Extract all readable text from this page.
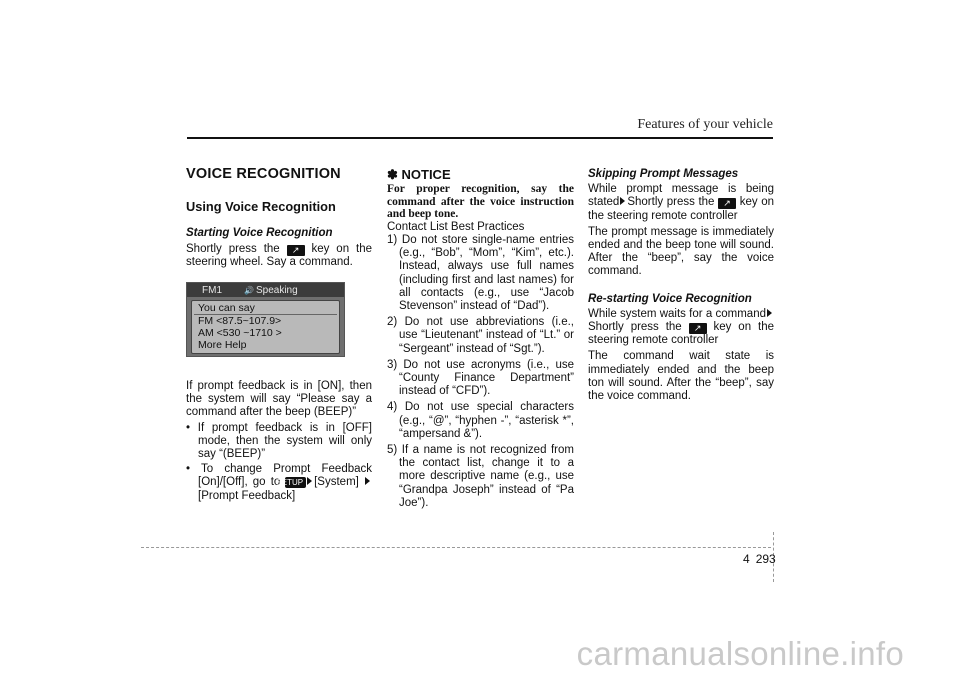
Features of your vehicle
VOICE RECOGNITION
Using Voice Recognition
Starting Voice Recognition

Shortly press the ↗ key on the steering wheel. Say a command.

FM1
🔊	Speaking
You can say
FM <87.5~107.9>
AM <530 ~1710 >
More Help

If prompt feedback is in [ON], then the system will say “Please say a command after the beep (BEEP)”

• If prompt feedback is in [OFF] mode, then the system will only say “(BEEP)”

• To change Prompt Feedback [On]/[Off], go to SETUP [System] [Prompt Feedback]

✽ NOTICE

For proper recognition, say the command after the voice instruction and beep tone.

Contact List Best Practices

1) Do not store single-name entries (e.g., “Bob”, “Mom”, “Kim”, etc.). Instead, always use full names (including first and last names) for all contacts (e.g., use “Jacob Stevenson” instead of “Dad”).

2) Do not use abbreviations (i.e., use “Lieutenant” instead of “Lt.” or “Sergeant” instead of “Sgt.”).

3) Do not use acronyms (i.e., use “County Finance Department” instead of “CFD”).

4) Do not use special characters (e.g., “@”, “hyphen -”, “asterisk *”, “ampersand &”).

5) If a name is not recognized from the contact list, change it to a more descriptive name (e.g., use “Grandpa Joseph” instead of “Pa Joe”).

Skipping Prompt Messages

While prompt message is being stated Shortly press the ↗ key on the steering remote controller

The prompt message is immediately ended and the beep tone will sound. After the “beep”, say the voice command.

Re-starting Voice Recognition

While system waits for a command Shortly press the ↗ key on the steering remote controller

The command wait state is immediately ended and the beep ton will sound. After the “beep”, say the voice command.

4 293
carmanualsonline.info
